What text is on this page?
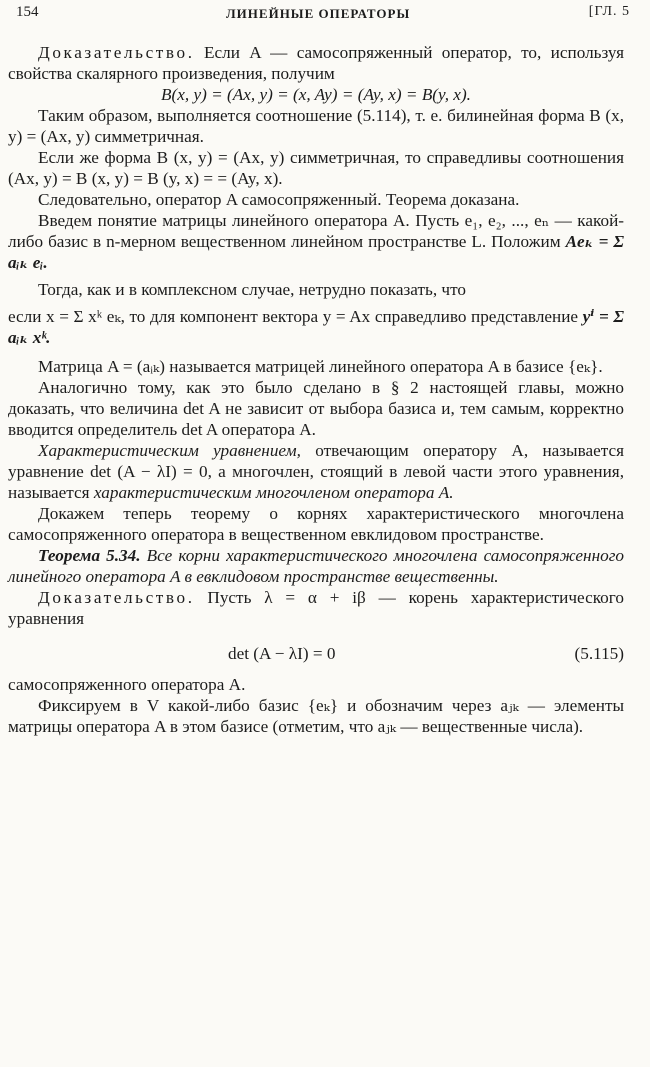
154	ЛИНЕЙНЫЕ ОПЕРАТОРЫ	[ГЛ. 5

Доказательство. Если A — самосопряженный оператор, то, используя свойства скалярного произведения, получим

B(x, y) = (Ax, y) = (x, Ay) = (Ay, x) = B(y, x).

Таким образом, выполняется соотношение (5.114), т. е. билинейная форма B (x, y) = (Ax, y) симметричная.

Если же форма B (x, y) = (Ax, y) симметричная, то справедливы соотношения (Ax, y) = B (x, y) = B (y, x) = = (Ay, x).

Следовательно, оператор A самосопряженный. Теорема доказана.

Введем понятие матрицы линейного оператора A. Пусть e₁, e₂, ..., eₙ — какой-либо базис в n-мерном вещественном линейном пространстве L. Положим Aeₖ = Σ aᵢₖ eᵢ.

Тогда, как и в комплексном случае, нетрудно показать, что

если x = Σ xᵏ eₖ, то для компонент вектора y = Ax справедливо представление yⁱ = Σ aᵢₖ xᵏ.

Матрица A = (aᵢₖ) называется матрицей линейного оператора A в базисе {eₖ}.

Аналогично тому, как это было сделано в § 2 настоящей главы, можно доказать, что величина det A не зависит от выбора базиса и, тем самым, корректно вводится определитель det A оператора A.

Характеристическим уравнением, отвечающим оператору A, называется уравнение det (A − λI) = 0, а многочлен, стоящий в левой части этого уравнения, называется характеристическим многочленом оператора A.

Докажем теперь теорему о корнях характеристического многочлена самосопряженного оператора в вещественном евклидовом пространстве.

Теорема 5.34. Все корни характеристического многочлена самосопряженного линейного оператора A в евклидовом пространстве вещественны.

Доказательство. Пусть λ = α + iβ — корень характеристического уравнения

det (A − λI) = 0	(5.115)

самосопряженного оператора A.

Фиксируем в V какой-либо базис {eₖ} и обозначим через aⱼₖ — элементы матрицы оператора A в этом базисе (отметим, что aⱼₖ — вещественные числа).
